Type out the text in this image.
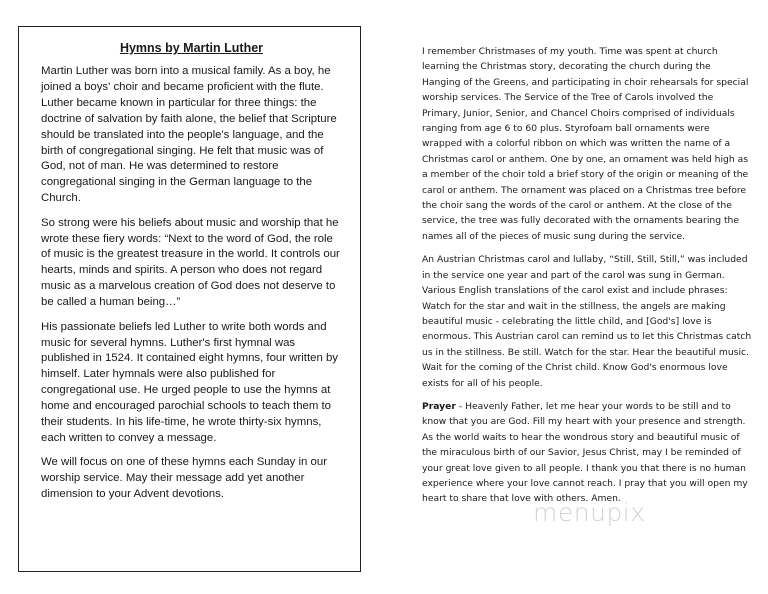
Hymns by Martin Luther

Martin Luther was born into a musical family. As a boy, he joined a boys' choir and became proficient with the flute. Luther became known in particular for three things: the doctrine of salvation by faith alone, the belief that Scripture should be translated into the people's language, and the birth of congregational singing. He felt that music was of God, not of man. He was determined to restore congregational singing in the German language to the Church.

So strong were his beliefs about music and worship that he wrote these fiery words: “Next to the word of God, the role of music is the greatest treasure in the world. It controls our hearts, minds and spirits. A person who does not regard music as a marvelous creation of God does not deserve to be called a human being…”

His passionate beliefs led Luther to write both words and music for several hymns. Luther's first hymnal was published in 1524. It contained eight hymns, four written by himself. Later hymnals were also published for congregational use. He urged people to use the hymns at home and encouraged parochial schools to teach them to their students. In his life-time, he wrote thirty-six hymns, each written to convey a message.

We will focus on one of these hymns each Sunday in our worship service. May their message add yet another dimension to your Advent devotions.

I remember Christmases of my youth. Time was spent at church learning the Christmas story, decorating the church during the Hanging of the Greens, and participating in choir rehearsals for special worship services. The Service of the Tree of Carols involved the Primary, Junior, Senior, and Chancel Choirs comprised of individuals ranging from age 6 to 60 plus. Styrofoam ball ornaments were wrapped with a colorful ribbon on which was written the name of a Christmas carol or anthem. One by one, an ornament was held high as a member of the choir told a brief story of the origin or meaning of the carol or anthem. The ornament was placed on a Christmas tree before the choir sang the words of the carol or anthem. At the close of the service, the tree was fully decorated with the ornaments bearing the names all of the pieces of music sung during the service.

An Austrian Christmas carol and lullaby, “Still, Still, Still,” was included in the service one year and part of the carol was sung in German. Various English translations of the carol exist and include phrases: Watch for the star and wait in the stillness, the angels are making beautiful music - celebrating the little child, and [God's] love is enormous. This Austrian carol can remind us to let this Christmas catch us in the stillness. Be still. Watch for the star. Hear the beautiful music. Wait for the coming of the Christ child. Know God's enormous love exists for all of his people.

Prayer - Heavenly Father, let me hear your words to be still and to know that you are God. Fill my heart with your presence and strength. As the world waits to hear the wondrous story and beautiful music of the miraculous birth of our Savior, Jesus Christ, may I be reminded of your great love given to all people. I thank you that there is no human experience where your love cannot reach. I pray that you will open my heart to share that love with others. Amen.

menupix
